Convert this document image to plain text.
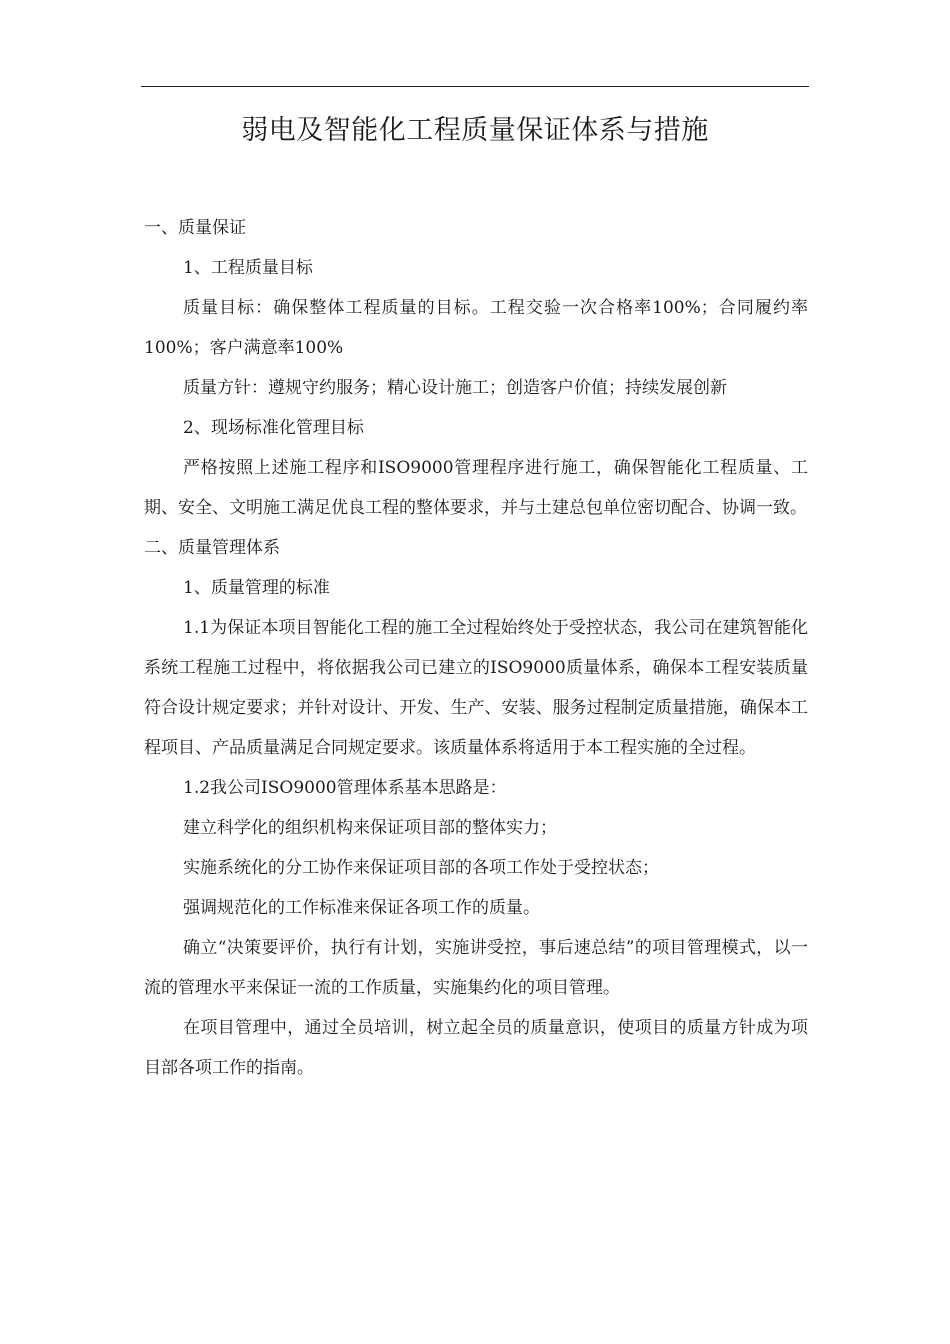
弱电及智能化工程质量保证体系与措施

一、质量保证

1、工程质量目标

质量目标：确保整体工程质量的目标。工程交验一次合格率100%；合同履约率100%；客户满意率100%

质量方针：遵规守约服务；精心设计施工；创造客户价值；持续发展创新

2、现场标准化管理目标

严格按照上述施工程序和ISO9000管理程序进行施工，确保智能化工程质量、工期、安全、文明施工满足优良工程的整体要求，并与土建总包单位密切配合、协调一致。

二、质量管理体系

1、质量管理的标准

1.1为保证本项目智能化工程的施工全过程始终处于受控状态，我公司在建筑智能化系统工程施工过程中，将依据我公司已建立的ISO9000质量体系，确保本工程安装质量符合设计规定要求；并针对设计、开发、生产、安装、服务过程制定质量措施，确保本工程项目、产品质量满足合同规定要求。该质量体系将适用于本工程实施的全过程。

1.2我公司ISO9000管理体系基本思路是：

建立科学化的组织机构来保证项目部的整体实力；

实施系统化的分工协作来保证项目部的各项工作处于受控状态；

强调规范化的工作标准来保证各项工作的质量。

确立“决策要评价，执行有计划，实施讲受控，事后速总结”的项目管理模式，以一流的管理水平来保证一流的工作质量，实施集约化的项目管理。

在项目管理中，通过全员培训，树立起全员的质量意识，使项目的质量方针成为项目部各项工作的指南。
